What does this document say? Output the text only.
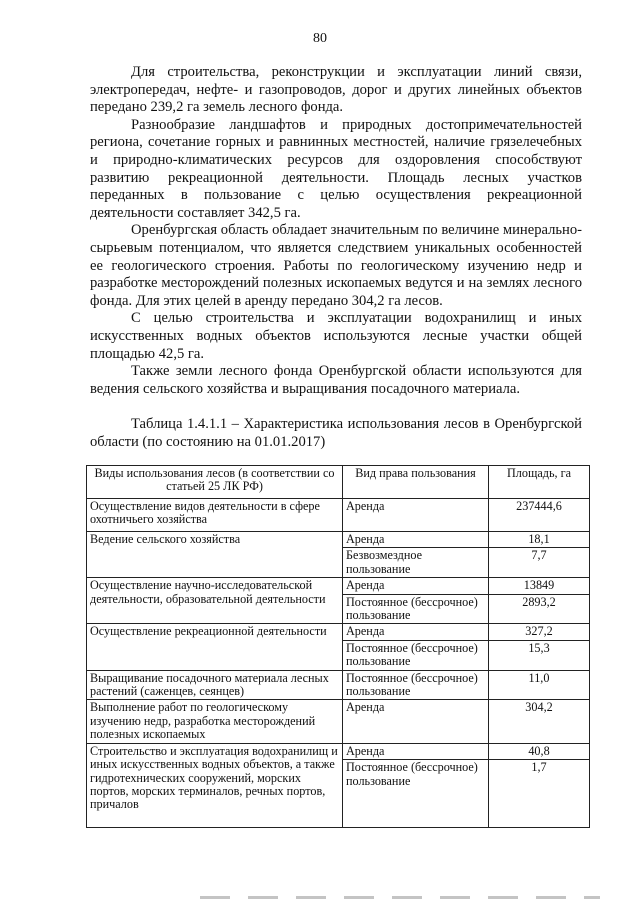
80

Для строительства, реконструкции и эксплуатации линий связи, электропередач, нефте- и газопроводов, дорог и других линейных объектов передано 239,2 га земель лесного фонда.

Разнообразие ландшафтов и природных достопримечательностей региона, сочетание горных и равнинных местностей, наличие грязелечебных и природно-климатических ресурсов для оздоровления способствуют развитию рекреационной деятельности. Площадь лесных участков переданных в пользование с целью осуществления рекреационной деятельности составляет 342,5 га.

Оренбургская область обладает значительным по величине минерально-сырьевым потенциалом, что является следствием уникальных особенностей ее геологического строения. Работы по геологическому изучению недр и разработке месторождений полезных ископаемых ведутся и на землях лесного фонда. Для этих целей в аренду передано 304,2 га лесов.

С целью строительства и эксплуатации водохранилищ и иных искусственных водных объектов используются лесные участки общей площадью 42,5 га.

Также земли лесного фонда Оренбургской области используются для ведения сельского хозяйства и выращивания посадочного материала.

Таблица 1.4.1.1 – Характеристика использования лесов в Оренбургской области (по состоянию на 01.01.2017)
Виды использования лесов (в соответствии со статьей 25 ЛК РФ)	Вид права пользования	Площадь, га
Осуществление видов деятельности в сфере охотничьего хозяйства	Аренда	237444,6
Ведение сельского хозяйства	Аренда	18,1
	Безвозмездное пользование	7,7
Осуществление научно-исследовательской деятельности, образовательной деятельности	Аренда	13849
	Постоянное (бессрочное) пользование	2893,2
Осуществление рекреационной деятельности	Аренда	327,2
	Постоянное (бессрочное) пользование	15,3
Выращивание посадочного материала лесных растений (саженцев, сеянцев)	Постоянное (бессрочное) пользование	11,0
Выполнение работ по геологическому изучению недр, разработка месторождений полезных ископаемых	Аренда	304,2
Строительство и эксплуатация водохранилищ и иных искусственных водных объектов, а также гидротехнических сооружений, морских портов, морских терминалов, речных портов, причалов	Аренда	40,8
	Постоянное (бессрочное) пользование	1,7
